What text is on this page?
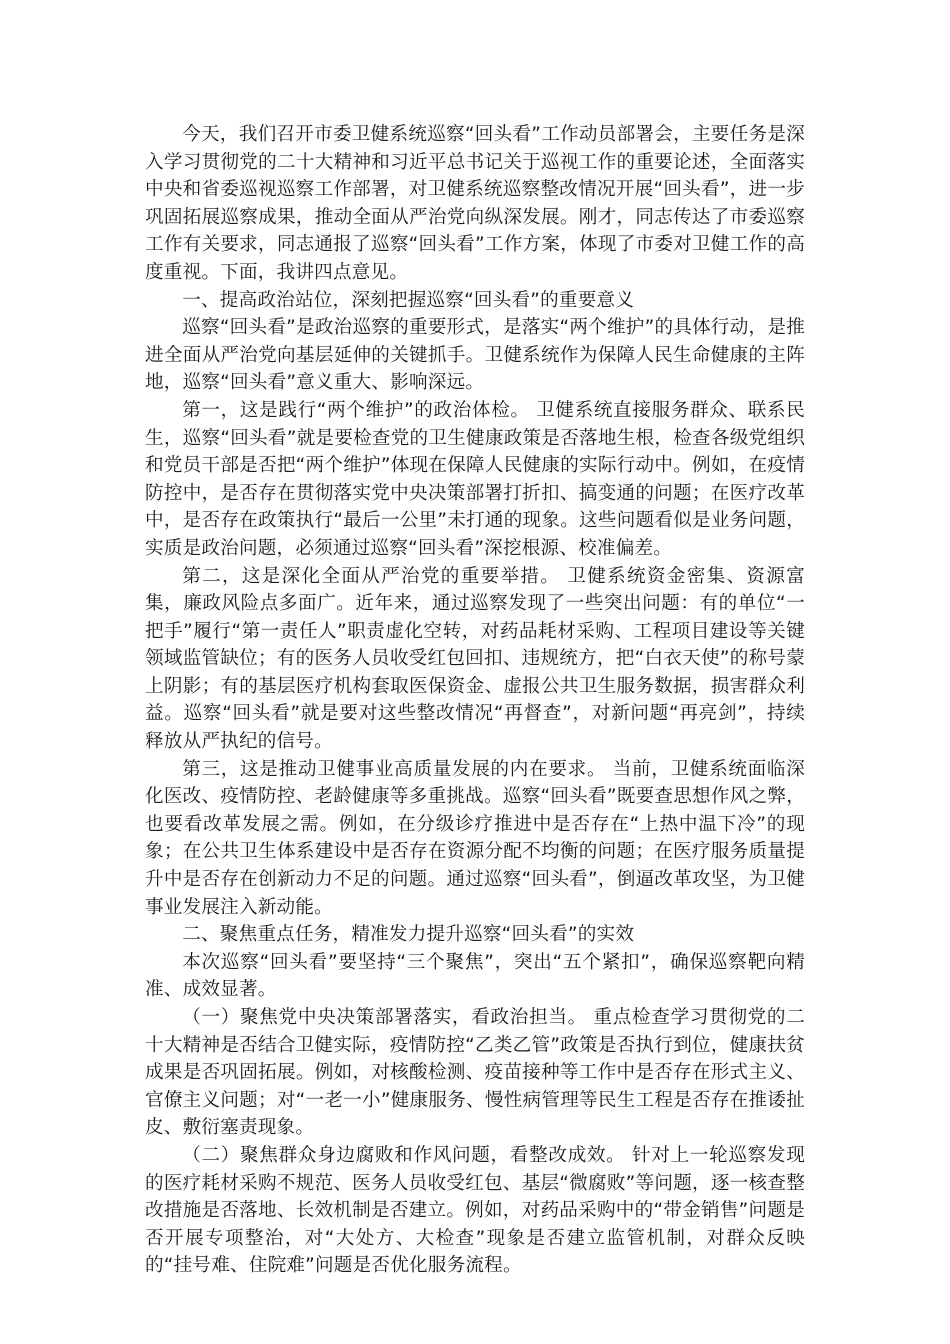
今天，我们召开市委卫健系统巡察“回头看”工作动员部署会，主要任务是深入学习贯彻党的二十大精神和习近平总书记关于巡视工作的重要论述，全面落实中央和省委巡视巡察工作部署，对卫健系统巡察整改情况开展“回头看”，进一步巩固拓展巡察成果，推动全面从严治党向纵深发展。刚才，同志传达了市委巡察工作有关要求，同志通报了巡察“回头看”工作方案，体现了市委对卫健工作的高度重视。下面，我讲四点意见。

一、提高政治站位，深刻把握巡察“回头看”的重要意义

巡察“回头看”是政治巡察的重要形式，是落实“两个维护”的具体行动，是推进全面从严治党向基层延伸的关键抓手。卫健系统作为保障人民生命健康的主阵地，巡察“回头看”意义重大、影响深远。

第一，这是践行“两个维护”的政治体检。 卫健系统直接服务群众、联系民生，巡察“回头看”就是要检查党的卫生健康政策是否落地生根，检查各级党组织和党员干部是否把“两个维护”体现在保障人民健康的实际行动中。例如，在疫情防控中，是否存在贯彻落实党中央决策部署打折扣、搞变通的问题；在医疗改革中，是否存在政策执行“最后一公里”未打通的现象。这些问题看似是业务问题，实质是政治问题，必须通过巡察“回头看”深挖根源、校准偏差。

第二，这是深化全面从严治党的重要举措。 卫健系统资金密集、资源富集，廉政风险点多面广。近年来，通过巡察发现了一些突出问题：有的单位“一把手”履行“第一责任人”职责虚化空转，对药品耗材采购、工程项目建设等关键领域监管缺位；有的医务人员收受红包回扣、违规统方，把“白衣天使”的称号蒙上阴影；有的基层医疗机构套取医保资金、虚报公共卫生服务数据，损害群众利益。巡察“回头看”就是要对这些整改情况“再督查”，对新问题“再亮剑”，持续释放从严执纪的信号。

第三，这是推动卫健事业高质量发展的内在要求。 当前，卫健系统面临深化医改、疫情防控、老龄健康等多重挑战。巡察“回头看”既要查思想作风之弊，也要看改革发展之需。例如，在分级诊疗推进中是否存在“上热中温下冷”的现象；在公共卫生体系建设中是否存在资源分配不均衡的问题；在医疗服务质量提升中是否存在创新动力不足的问题。通过巡察“回头看”，倒逼改革攻坚，为卫健事业发展注入新动能。

二、聚焦重点任务，精准发力提升巡察“回头看”的实效

本次巡察“回头看”要坚持“三个聚焦”，突出“五个紧扣”，确保巡察靶向精准、成效显著。

（一）聚焦党中央决策部署落实，看政治担当。 重点检查学习贯彻党的二十大精神是否结合卫健实际，疫情防控“乙类乙管”政策是否执行到位，健康扶贫成果是否巩固拓展。例如，对核酸检测、疫苗接种等工作中是否存在形式主义、官僚主义问题；对“一老一小”健康服务、慢性病管理等民生工程是否存在推诿扯皮、敷衍塞责现象。

（二）聚焦群众身边腐败和作风问题，看整改成效。 针对上一轮巡察发现的医疗耗材采购不规范、医务人员收受红包、基层“微腐败”等问题，逐一核查整改措施是否落地、长效机制是否建立。例如，对药品采购中的“带金销售”问题是否开展专项整治，对“大处方、大检查”现象是否建立监管机制，对群众反映的“挂号难、住院难”问题是否优化服务流程。
